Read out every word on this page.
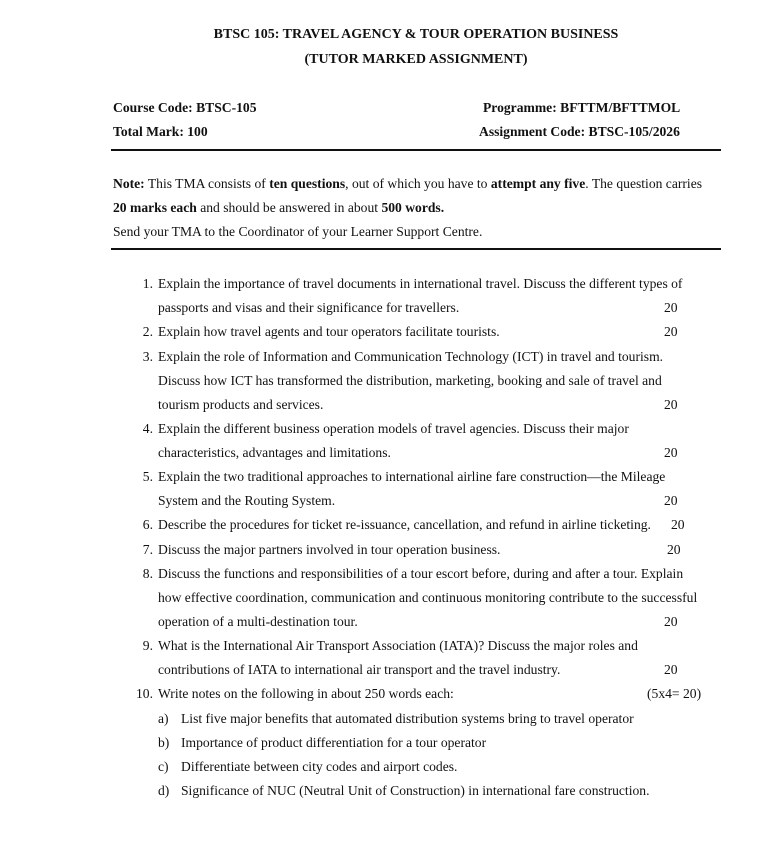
BTSC 105: TRAVEL AGENCY & TOUR OPERATION BUSINESS
(TUTOR MARKED ASSIGNMENT)
Course Code: BTSC-105	Programme: BFTTM/BFTTMOL
Total Mark: 100	Assignment Code: BTSC-105/2026
Note: This TMA consists of ten questions, out of which you have to attempt any five. The question carries 20 marks each and should be answered in about 500 words.
Send your TMA to the Coordinator of your Learner Support Centre.
1. Explain the importance of travel documents in international travel. Discuss the different types of
passports and visas and their significance for travellers.	20
2. Explain how travel agents and tour operators facilitate tourists.	20
3. Explain the role of Information and Communication Technology (ICT) in travel and tourism.
Discuss how ICT has transformed the distribution, marketing, booking and sale of travel and
tourism products and services.	20
4. Explain the different business operation models of travel agencies. Discuss their major
characteristics, advantages and limitations.	20
5. Explain the two traditional approaches to international airline fare construction—the Mileage
System and the Routing System.	20
6. Describe the procedures for ticket re-issuance, cancellation, and refund in airline ticketing. 20
7. Discuss the major partners involved in tour operation business.	20
8. Discuss the functions and responsibilities of a tour escort before, during and after a tour. Explain
how effective coordination, communication and continuous monitoring contribute to the successful
operation of a multi-destination tour.	20
9. What is the International Air Transport Association (IATA)? Discuss the major roles and
contributions of IATA to international air transport and the travel industry.	20
10. Write notes on the following in about 250 words each:	(5x4= 20)
a) List five major benefits that automated distribution systems bring to travel operator
b) Importance of product differentiation for a tour operator
c) Differentiate between city codes and airport codes.
d) Significance of NUC (Neutral Unit of Construction) in international fare construction.
